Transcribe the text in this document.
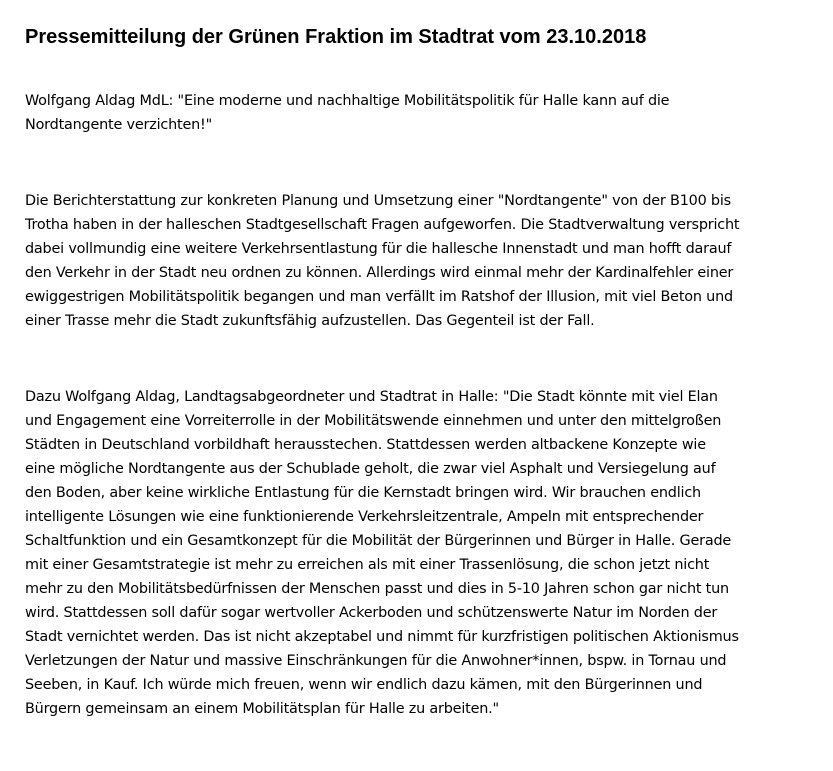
Pressemitteilung der Grünen Fraktion im Stadtrat vom 23.10.2018

Wolfgang Aldag MdL: "Eine moderne und nachhaltige Mobilitätspolitik für Halle kann auf die
Nordtangente verzichten!"

Die Berichterstattung zur konkreten Planung und Umsetzung einer "Nordtangente" von der B100 bis
Trotha haben in der halleschen Stadtgesellschaft Fragen aufgeworfen. Die Stadtverwaltung verspricht
dabei vollmundig eine weitere Verkehrsentlastung für die hallesche Innenstadt und man hofft darauf
den Verkehr in der Stadt neu ordnen zu können. Allerdings wird einmal mehr der Kardinalfehler einer
ewiggestrigen Mobilitätspolitik begangen und man verfällt im Ratshof der Illusion, mit viel Beton und
einer Trasse mehr die Stadt zukunftsfähig aufzustellen. Das Gegenteil ist der Fall.

Dazu Wolfgang Aldag, Landtagsabgeordneter und Stadtrat in Halle: "Die Stadt könnte mit viel Elan
und Engagement eine Vorreiterrolle in der Mobilitätswende einnehmen und unter den mittelgroßen
Städten in Deutschland vorbildhaft herausstechen. Stattdessen werden altbackene Konzepte wie
eine mögliche Nordtangente aus der Schublade geholt, die zwar viel Asphalt und Versiegelung auf
den Boden, aber keine wirkliche Entlastung für die Kernstadt bringen wird. Wir brauchen endlich
intelligente Lösungen wie eine funktionierende Verkehrsleitzentrale, Ampeln mit entsprechender
Schaltfunktion und ein Gesamtkonzept für die Mobilität der Bürgerinnen und Bürger in Halle. Gerade
mit einer Gesamtstrategie ist mehr zu erreichen als mit einer Trassenlösung, die schon jetzt nicht
mehr zu den Mobilitätsbedürfnissen der Menschen passt und dies in 5-10 Jahren schon gar nicht tun
wird. Stattdessen soll dafür sogar wertvoller Ackerboden und schützenswerte Natur im Norden der
Stadt vernichtet werden. Das ist nicht akzeptabel und nimmt für kurzfristigen politischen Aktionismus
Verletzungen der Natur und massive Einschränkungen für die Anwohner*innen, bspw. in Tornau und
Seeben, in Kauf. Ich würde mich freuen, wenn wir endlich dazu kämen, mit den Bürgerinnen und
Bürgern gemeinsam an einem Mobilitätsplan für Halle zu arbeiten."
